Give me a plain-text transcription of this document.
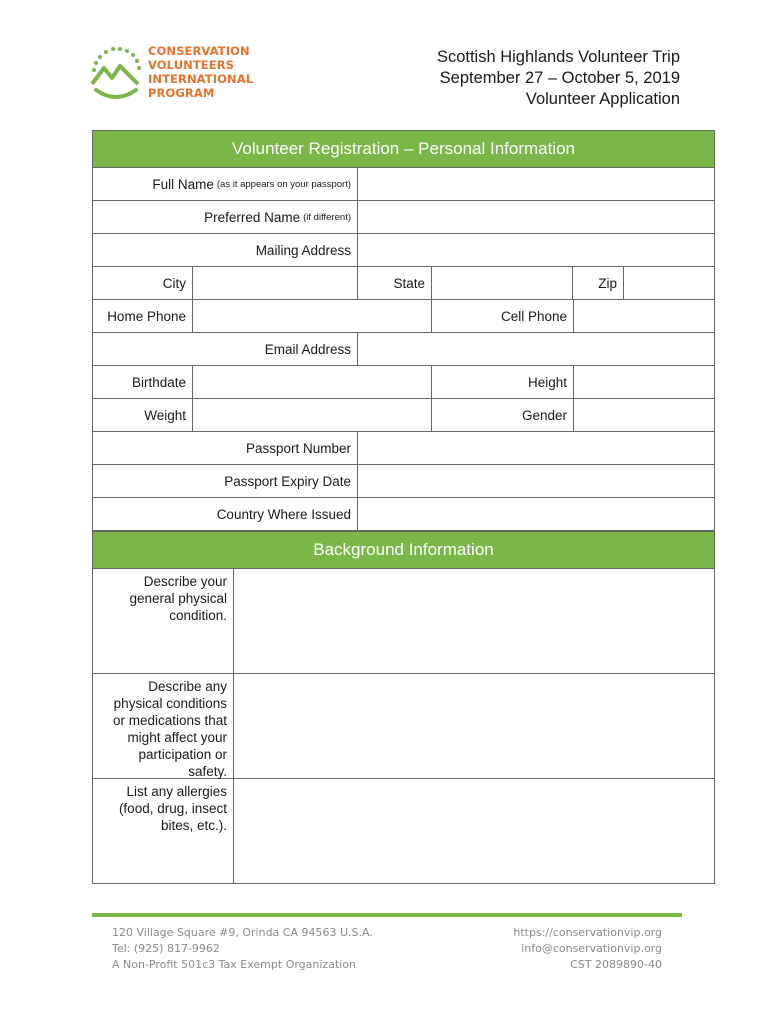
CONSERVATION
VOLUNTEERS
INTERNATIONAL
PROGRAM
Scottish Highlands Volunteer Trip
September 27 – October 5, 2019
Volunteer Application
Volunteer Registration – Personal Information
Full Name (as it appears on your passport)
Preferred Name (if different)
Mailing Address
City	State	Zip
Home Phone	Cell Phone
Email Address
Birthdate	Height
Weight	Gender
Passport Number
Passport Expiry Date
Country Where Issued
Background Information
Describe your
general physical
condition.
Describe any
physical conditions
or medications that
might affect your
participation or
safety.
List any allergies
(food, drug, insect
bites, etc.).
120 Village Square #9, Orinda CA 94563 U.S.A.
Tel: (925) 817-9962
A Non-Profit 501c3 Tax Exempt Organization
https://conservationvip.org
info@conservationvip.org
CST 2089890-40
